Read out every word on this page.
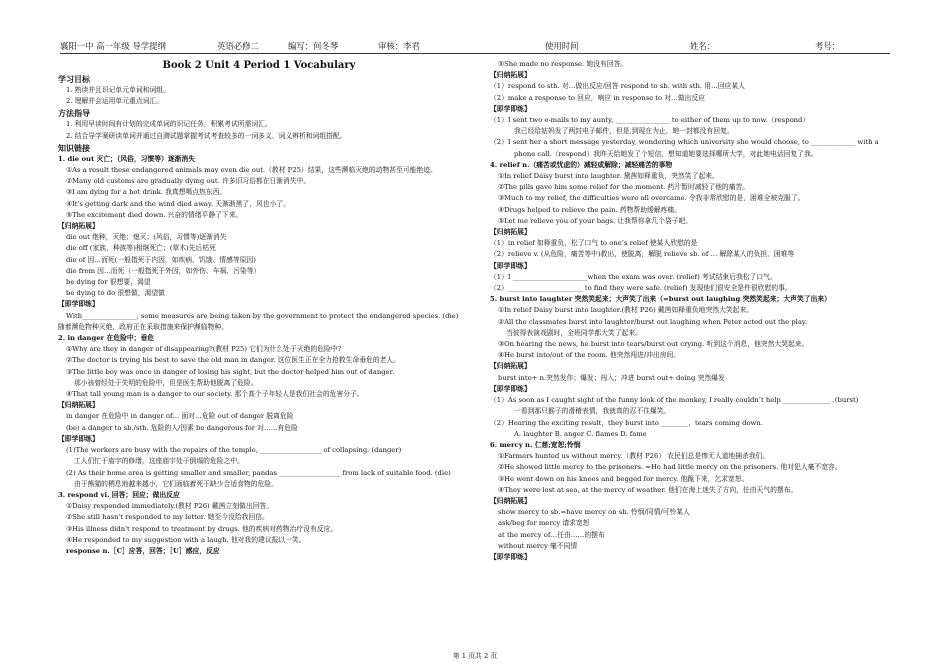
襄阳一中 高一年级 导学提纲	英语必修二	编写：何冬琴	审核：李君	使用时间	姓名：	考号：

Book 2 Unit 4 Period 1 Vocabulary

学习目标

1. 熟读并且识记单元单词和词组。

2. 理解并会运用单元重点词汇。

方法指导

1. 利用早读时间有计划的完成单词的识记任务，积累考试所需词汇。

2. 结合导学案研读单词并通过自测试题掌握考试考查较多的一词多义、词义辨析和词组搭配。

知识链接

1. die out 灭亡；（风俗，习惯等）逐渐消失

①As a result these endangered animals may even die out.（教材 P25）结果，这些濒临灭绝的动物甚至可能绝迹。

②Many old customs are gradually dying out. 许多旧习俗都在日渐消失中。

③I am dying for a hot drink. 我真想喝点热东西。

④It's getting dark and the wind died away. 天渐渐黑了，风也小了。

⑤The excitement died down. 兴奋的情绪平静了下来。

【归纳拓展】

die out 绝种，灭绝；熄灭；(风俗，习惯等)逐渐消失

die off (家族、种族等)相继死亡；(草木)先后枯死

die of 因…而死(一般指死于内因，如疾病、饥饿、情感等原因)

die from 因…而死（一般指死于外因，如外伤、车祸、污染等）

be dying for 很想要，渴望

be dying to do 很想做，渴望做

【即学即练】

With________________, some measures are being taken by the government to protect the endangered species. (die)

随着濒危物种灭绝，政府正在采取措施来保护濒临物种。

2. in danger 在危险中；垂危

①Why are they in danger of disappearing?(教材 P25) 它们为什么处于灭绝的危险中?

②The doctor is trying his best to save the old man in danger. 这位医生正在全力抢救生命垂危的老人。

③The little boy was once in danger of losing his sight, but the doctor helped him out of danger.

那小孩曾经处于失明的危险中，但是医生帮助他脱离了危险。

④That tall young man is a danger to our society. 那个高个子年轻人是我们社会的危害分子。

【归纳拓展】

in danger 在危险中 in danger of… 面对…危险 out of danger 脱离危险

(be) a danger to sb./sth. 危险的人/因素 be dangerous for 对……有危险

【即学即练】

(1)The workers are busy with the repairs of the temple, __________________ of collapsing. (danger)

工人们忙于庙宇的修缮，这座庙宇处于倒塌的危险之中。

(2) As their home area is getting smaller and smaller, pandas __________________ from lack of suitable food. (die)

由于熊猫的栖息地越来越小，它们面临着死于缺少合适食物的危险。

3. respond vi. 回答；回应；做出反应

①Daisy responded immediately.(教材 P26) 戴茜立刻做出回答。

②She still hasn't responded to my letter. 她至今没给我回信。

③His illness didn't respond to treatment by drugs. 他的疾病对药物治疗没有反应。

④He responded to my suggestion with a laugh. 他对我的建议报以一笑。

response n.［C］应答，回答；［U］感应，反应

⑤She made no response. 她没有回答。

【归纳拓展】

（1）respond to sth. 对…做出反应/回答 respond to sb. with sth. 用…回应某人

（2）make a response to 回应，响应 in response to 对…做出反应

【即学即练】

（1）I sent two e-mails to my aunty, ________________ to either of them up to now.（respond）

我已经给姑妈发了两封电子邮件，但是,到现在为止，她一封都没有回复。

（2）I sent her a short message yesterday, wondering which university she would choose, to _____________ with a

phone call.（respond）我昨天给她发了个短信，想知道她要选择哪所大学，对此她电话回复了我。

4. relief n.（痛苦或忧虑的）减轻或解除；减轻痛苦的事物

①In relief Daisy burst into laughter. 黛茜如释重负，突然笑了起来。

②The pills gave him some relief for the moment. 药片暂时减轻了他的痛苦。

③Much to my relief, the difficulties were all overcame. 令我非常欣慰的是，困难全被克服了。

④Drugs helped to relieve the pain. 药物帮助缓解疼痛。

⑤Let me relieve you of your bags. 让我帮你拿几个袋子吧。

【归纳拓展】

（1）in relief 如释重负，松了口气 to one’s relief 使某人欣慰的是

（2）relieve v. (从危险，痛苦等中)救出，使脱离，解脱 relieve sb. of … 解除某人的负担、困难等

【即学即练】

（1）I ______________________when the exam was over. (relief) 考试结束后我松了口气。

（2）______________________ to find they were safe. (relief) 发现他们很安全是件很欣慰的事。

5. burst into laughter 突然笑起来；大声笑了出来（=burst out laughing 突然笑起来；大声笑了出来）

①In relief Daisy burst into laughter.(教材 P26) 戴茜如释重负地突然大笑起来。

②All the classmates burst into laughter/burst out laughing when Peter acted out the play.

当彼得表演戏剧时，全班同学都大笑了起来。

③On hearing the news, he burst into tears/burst out crying. 听到这个消息，他突然大哭起来。

④He burst into/out of the room. 他突然闯进/冲出房间。

【归纳拓展】

burst into+ n.突然发作；爆发；闯入；冲进 burst out+ doing 突然爆发

【即学即练】

（1）As soon as I caught sight of the funny look of the monkey, I really couldn’t help ______________ .(burst)

一看到那只猴子的滑稽表情，我就真的忍不住爆笑。

（2）Hearing the exciting result，they burst into ________，tears coming down.

A. laughter B. anger C. flames D. fame

6. mercy n. 仁慈;宽恕;怜悯

①Farmers hunted us without mercy.（教材 P26） 农民们总是惨无人道地捕杀我们。

②He showed little mercy to the prisoners. =He had little mercy on the prisoners. 他对犯人毫不宽容。

③He went down on his knees and begged for mercy. 他跪下来，乞求宽恕。

④They were lost at sea, at the mercy of weather. 他们在海上迷失了方向，任由天气的摆布。

【归纳拓展】

show mercy to sb.=have mercy on sb. 怜悯/同情/可怜某人

ask/beg for mercy 请求宽恕

at the mercy of…任由……的摆布

without mercy 毫不同情

【即学即练】

第 1 页共 2 页
